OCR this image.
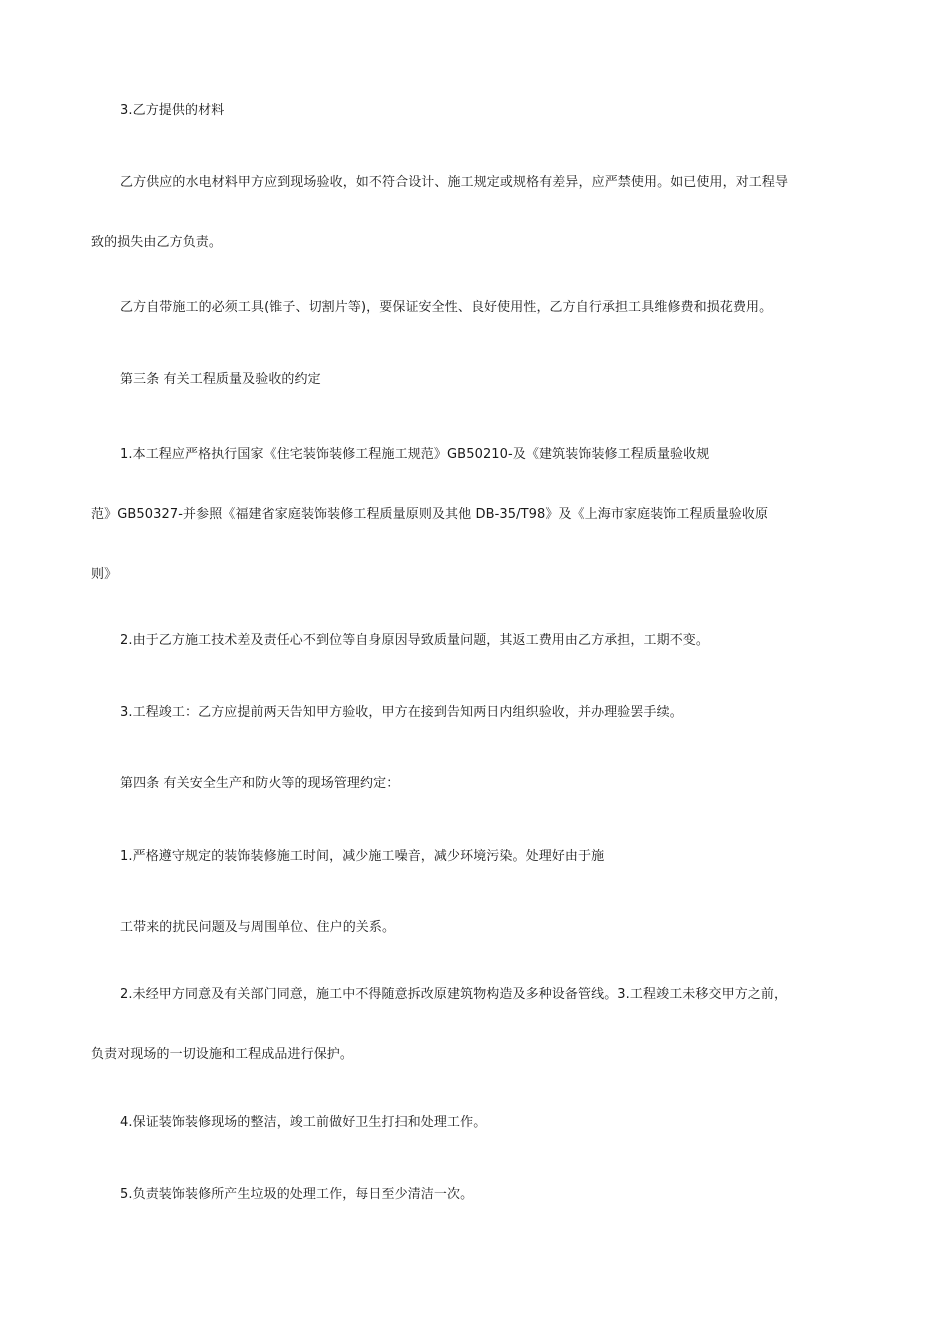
3.乙方提供的材料
乙方供应的水电材料甲方应到现场验收，如不符合设计、施工规定或规格有差异，应严禁使用。如已使用，对工程导
致的损失由乙方负责。
乙方自带施工的必须工具(锥子、切割片等)，要保证安全性、良好使用性，乙方自行承担工具维修费和损花费用。
第三条 有关工程质量及验收的约定
1.本工程应严格执行国家《住宅装饰装修工程施工规范》GB50210-及《建筑装饰装修工程质量验收规
范》GB50327-并参照《福建省家庭装饰装修工程质量原则及其他 DB-35/T98》及《上海市家庭装饰工程质量验收原
则》
2.由于乙方施工技术差及责任心不到位等自身原因导致质量问题，其返工费用由乙方承担，工期不变。
3.工程竣工：乙方应提前两天告知甲方验收，甲方在接到告知两日内组织验收，并办理验罢手续。
第四条 有关安全生产和防火等的现场管理约定：
1.严格遵守规定的装饰装修施工时间，减少施工噪音，减少环境污染。处理好由于施
工带来的扰民问题及与周围单位、住户的关系。
2.未经甲方同意及有关部门同意，施工中不得随意拆改原建筑物构造及多种设备管线。3.工程竣工未移交甲方之前，
负责对现场的一切设施和工程成品进行保护。
4.保证装饰装修现场的整洁，竣工前做好卫生打扫和处理工作。
5.负责装饰装修所产生垃圾的处理工作，每日至少清洁一次。
